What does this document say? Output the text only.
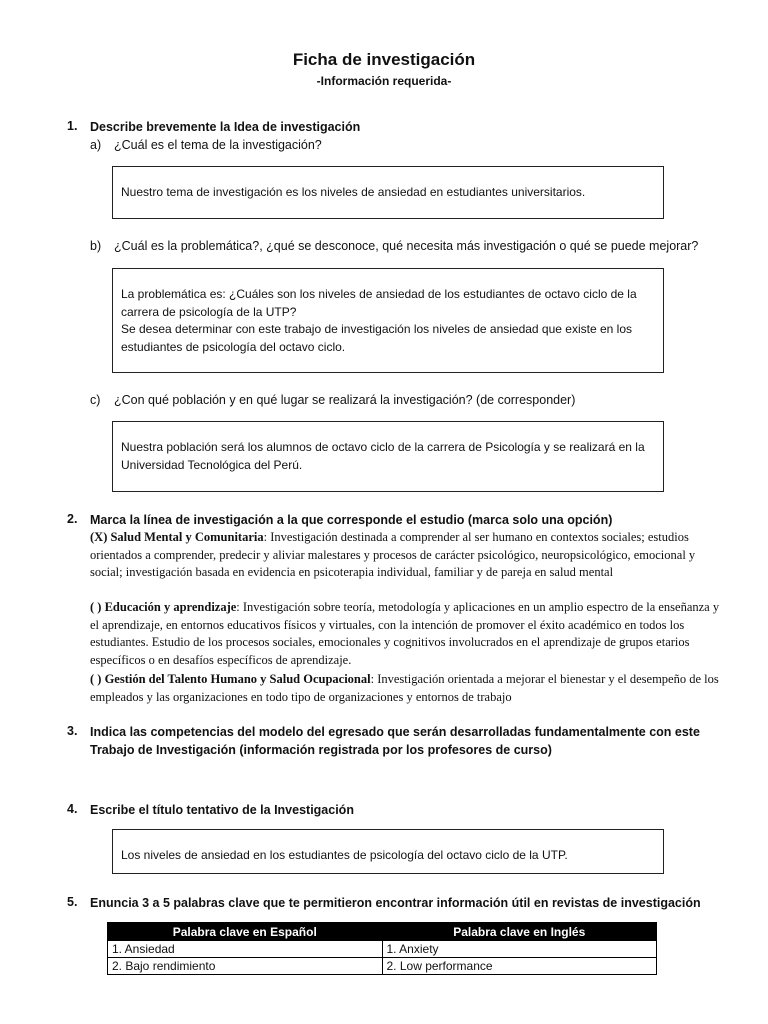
Ficha de investigación
-Información requerida-
1. Describe brevemente la Idea de investigación
a) ¿Cuál es el tema de la investigación?
Nuestro tema de investigación es los niveles de ansiedad en estudiantes universitarios.
b) ¿Cuál es la problemática?, ¿qué se desconoce, qué necesita más investigación o qué se puede mejorar?
La problemática es: ¿Cuáles son los niveles de ansiedad de los estudiantes de octavo ciclo de la carrera de psicología de la UTP?
Se desea determinar con este trabajo de investigación los niveles de ansiedad que existe en los estudiantes de psicología del octavo ciclo.
c) ¿Con qué población y en qué lugar se realizará la investigación? (de corresponder)
Nuestra población será los alumnos de octavo ciclo de la carrera de Psicología y se realizará en la Universidad Tecnológica del Perú.
2. Marca la línea de investigación a la que corresponde el estudio (marca solo una opción)
(X) Salud Mental y Comunitaria: Investigación destinada a comprender al ser humano en contextos sociales; estudios orientados a comprender, predecir y aliviar malestares y procesos de carácter psicológico, neuropsicológico, emocional y social; investigación basada en evidencia en psicoterapia individual, familiar y de pareja en salud mental
( ) Educación y aprendizaje: Investigación sobre teoría, metodología y aplicaciones en un amplio espectro de la enseñanza y el aprendizaje, en entornos educativos físicos y virtuales, con la intención de promover el éxito académico en todos los estudiantes. Estudio de los procesos sociales, emocionales y cognitivos involucrados en el aprendizaje de grupos etarios específicos o en desafíos específicos de aprendizaje.
( ) Gestión del Talento Humano y Salud Ocupacional: Investigación orientada a mejorar el bienestar y el desempeño de los empleados y las organizaciones en todo tipo de organizaciones y entornos de trabajo
3. Indica las competencias del modelo del egresado que serán desarrolladas fundamentalmente con este Trabajo de Investigación (información registrada por los profesores de curso)
4. Escribe el título tentativo de la Investigación
Los niveles de ansiedad en los estudiantes de psicología del octavo ciclo de la UTP.
5. Enuncia 3 a 5 palabras clave que te permitieron encontrar información útil en revistas de investigación
Palabra clave en Español	Palabra clave en Inglés
1. Ansiedad	1. Anxiety
2. Bajo rendimiento	2. Low performance
